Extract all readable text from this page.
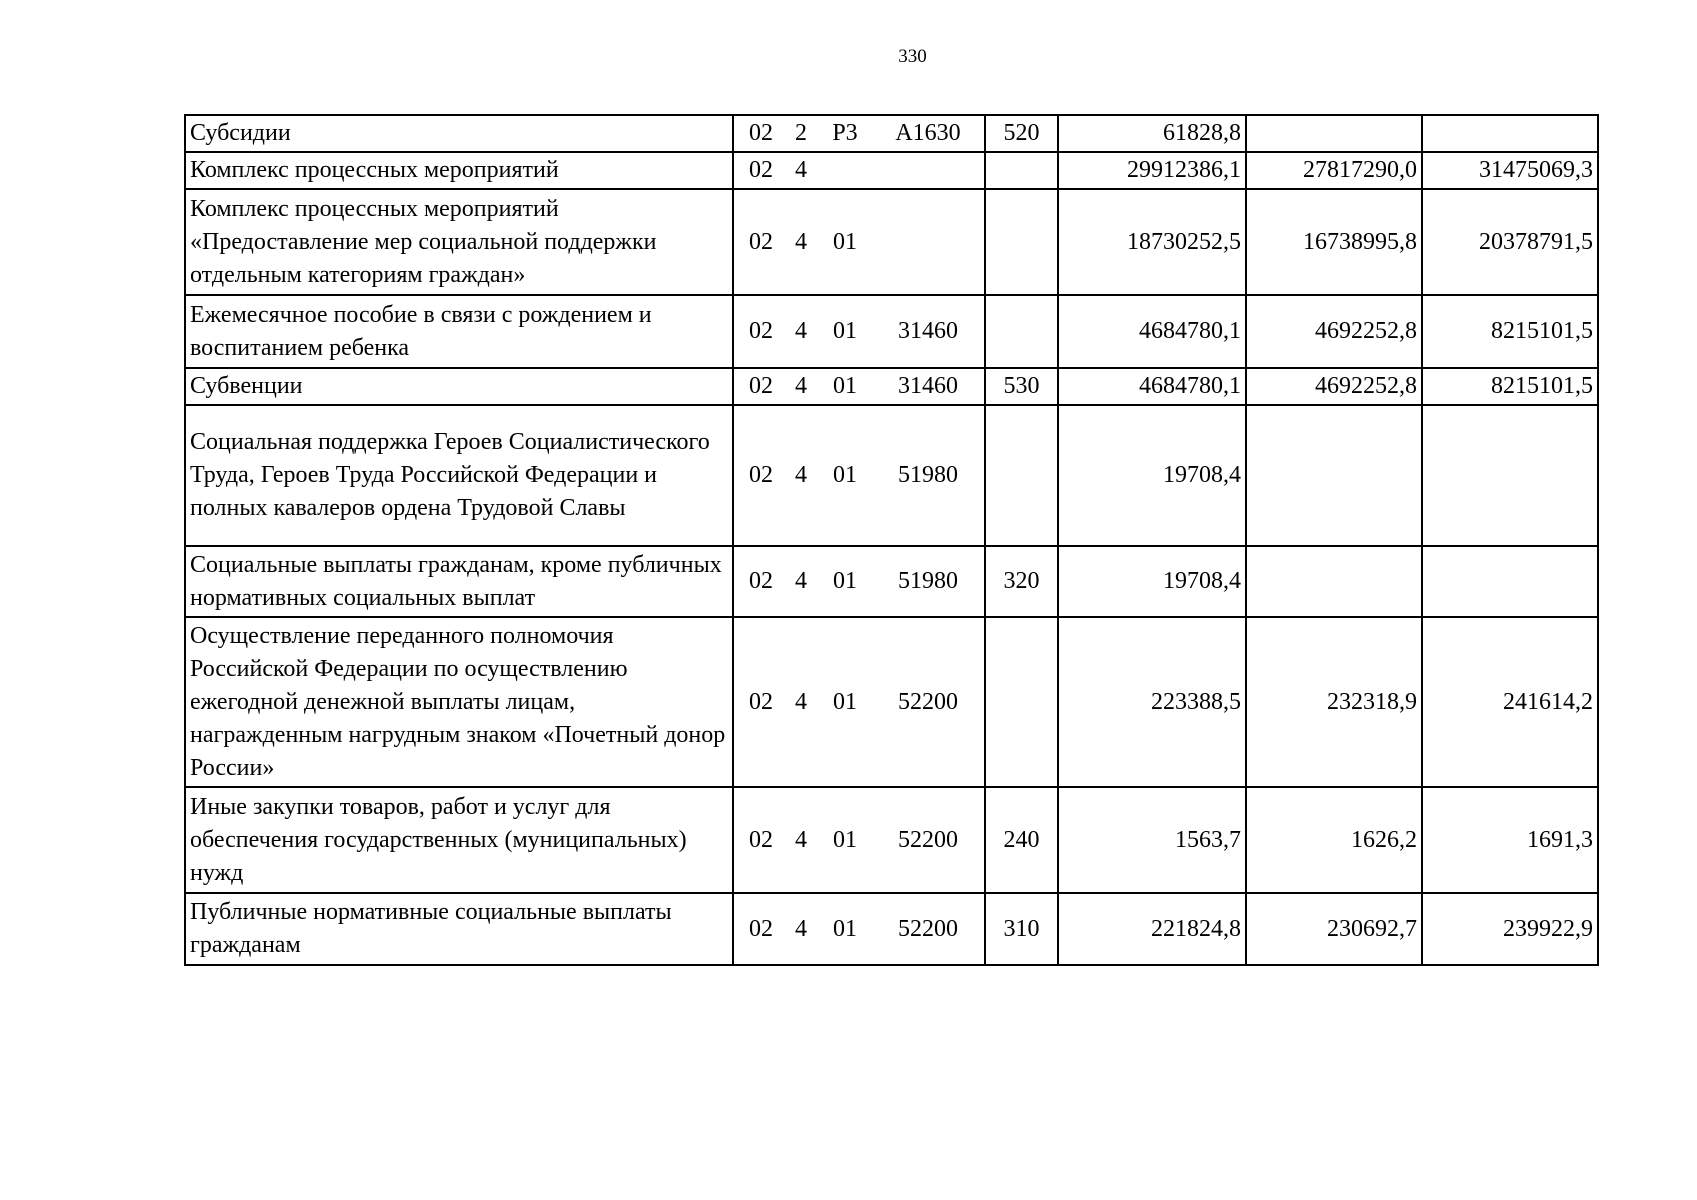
330
Субсидии	02 2 Р3 А1630	520	61828,8		
Комплекс процессных мероприятий	02 4		29912386,1	27817290,0	31475069,3
Комплекс процессных мероприятий «Предоставление мер социальной поддержки отдельным категориям граждан»	02 4 01		18730252,5	16738995,8	20378791,5
Ежемесячное пособие в связи с рождением и воспитанием ребенка	02 4 01 31460		4684780,1	4692252,8	8215101,5
Субвенции	02 4 01 31460	530	4684780,1	4692252,8	8215101,5
Социальная поддержка Героев Социалистического Труда, Героев Труда Российской Федерации и полных кавалеров ордена Трудовой Славы	02 4 01 51980		19708,4		
Социальные выплаты гражданам, кроме публичных нормативных социальных выплат	02 4 01 51980	320	19708,4		
Осуществление переданного полномочия Российской Федерации по осуществлению ежегодной денежной выплаты лицам, награжденным нагрудным знаком «Почетный донор России»	02 4 01 52200		223388,5	232318,9	241614,2
Иные закупки товаров, работ и услуг для обеспечения государственных (муниципальных) нужд	02 4 01 52200	240	1563,7	1626,2	1691,3
Публичные нормативные социальные выплаты гражданам	02 4 01 52200	310	221824,8	230692,7	239922,9
